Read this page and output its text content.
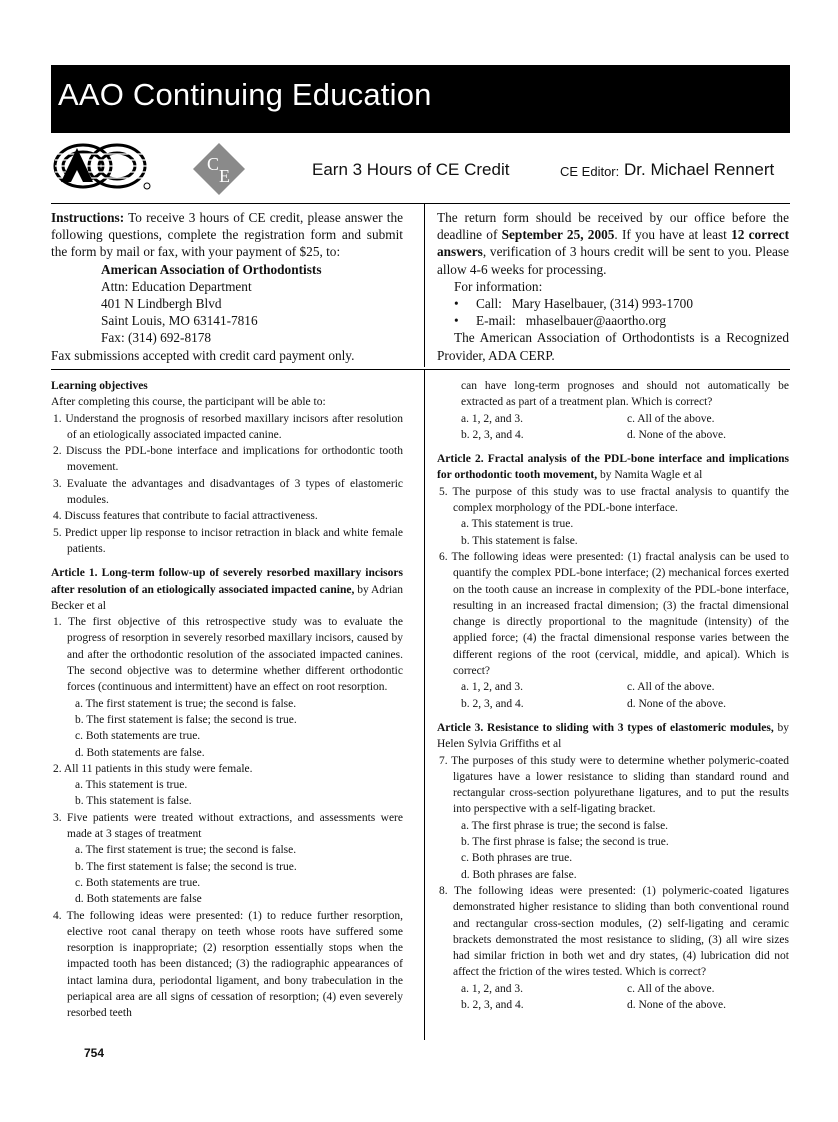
AAO Continuing Education
C
E	Earn 3 Hours of CE Credit	CE Editor: Dr. Michael Rennert

Instructions: To receive 3 hours of CE credit, please answer the following questions, complete the registration form and submit the form by mail or fax, with your payment of $25, to:

American Association of Orthodontists

Attn: Education Department

401 N Lindbergh Blvd

Saint Louis, MO 63141-7816

Fax: (314) 692-8178

Fax submissions accepted with credit card payment only.

The return form should be received by our office before the deadline of September 25, 2005. If you have at least 12 correct answers, verification of 3 hours credit will be sent to you. Please allow 4-6 weeks for processing.

For information:

• Call: Mary Haselbauer, (314) 993-1700

• E-mail: mhaselbauer@aaortho.org

The American Association of Orthodontists is a Recognized Provider, ADA CERP.

Learning objectives

After completing this course, the participant will be able to:

1. Understand the prognosis of resorbed maxillary incisors after resolution of an etiologically associated impacted canine.

2. Discuss the PDL-bone interface and implications for orthodontic tooth movement.

3. Evaluate the advantages and disadvantages of 3 types of elastomeric modules.

4. Discuss features that contribute to facial attractiveness.

5. Predict upper lip response to incisor retraction in black and white female patients.

Article 1. Long-term follow-up of severely resorbed maxillary incisors after resolution of an etiologically associated impacted canine, by Adrian Becker et al

1. The first objective of this retrospective study was to evaluate the progress of resorption in severely resorbed maxillary incisors, caused by and after the orthodontic resolution of the associated impacted canines. The second objective was to determine whether different orthodontic forces (continuous and intermittent) have an effect on root resorption.

a. The first statement is true; the second is false.

b. The first statement is false; the second is true.

c. Both statements are true.

d. Both statements are false.

2. All 11 patients in this study were female.

a. This statement is true.

b. This statement is false.

3. Five patients were treated without extractions, and assessments were made at 3 stages of treatment

a. The first statement is true; the second is false.

b. The first statement is false; the second is true.

c. Both statements are true.

d. Both statements are false

4. The following ideas were presented: (1) to reduce further resorption, elective root canal therapy on teeth whose roots have suffered some resorption is inappropriate; (2) resorption essentially stops when the impacted tooth has been distanced; (3) the radiographic appearances of intact lamina dura, periodontal ligament, and bony trabeculation in the periapical area are all signs of cessation of resorption; (4) even severely resorbed teeth

can have long-term prognoses and should not automatically be extracted as part of a treatment plan. Which is correct?

a. 1, 2, and 3.	c. All of the above.
b. 2, 3, and 4.	d. None of the above.

Article 2. Fractal analysis of the PDL-bone interface and implications for orthodontic tooth movement, by Namita Wagle et al

5. The purpose of this study was to use fractal analysis to quantify the complex morphology of the PDL-bone interface.

a. This statement is true.

b. This statement is false.

6. The following ideas were presented: (1) fractal analysis can be used to quantify the complex PDL-bone interface; (2) mechanical forces exerted on the tooth cause an increase in complexity of the PDL-bone interface, resulting in an increased fractal dimension; (3) the fractal dimensional change is directly proportional to the magnitude (intensity) of the applied force; (4) the fractal dimensional response varies between the different regions of the root (cervical, middle, and apical). Which is correct?

a. 1, 2, and 3.	c. All of the above.
b. 2, 3, and 4.	d. None of the above.

Article 3. Resistance to sliding with 3 types of elastomeric modules, by Helen Sylvia Griffiths et al

7. The purposes of this study were to determine whether polymeric-coated ligatures have a lower resistance to sliding than standard round and rectangular cross-section polyurethane ligatures, and to put the results into perspective with a self-ligating bracket.

a. The first phrase is true; the second is false.

b. The first phrase is false; the second is true.

c. Both phrases are true.

d. Both phrases are false.

8. The following ideas were presented: (1) polymeric-coated ligatures demonstrated higher resistance to sliding than both conventional round and rectangular cross-section modules, (2) self-ligating and ceramic brackets demonstrated the most resistance to sliding, (3) all wire sizes had similar friction in both wet and dry states, (4) lubrication did not affect the friction of the wires tested. Which is correct?

a. 1, 2, and 3.	c. All of the above.
b. 2, 3, and 4.	d. None of the above.
754
